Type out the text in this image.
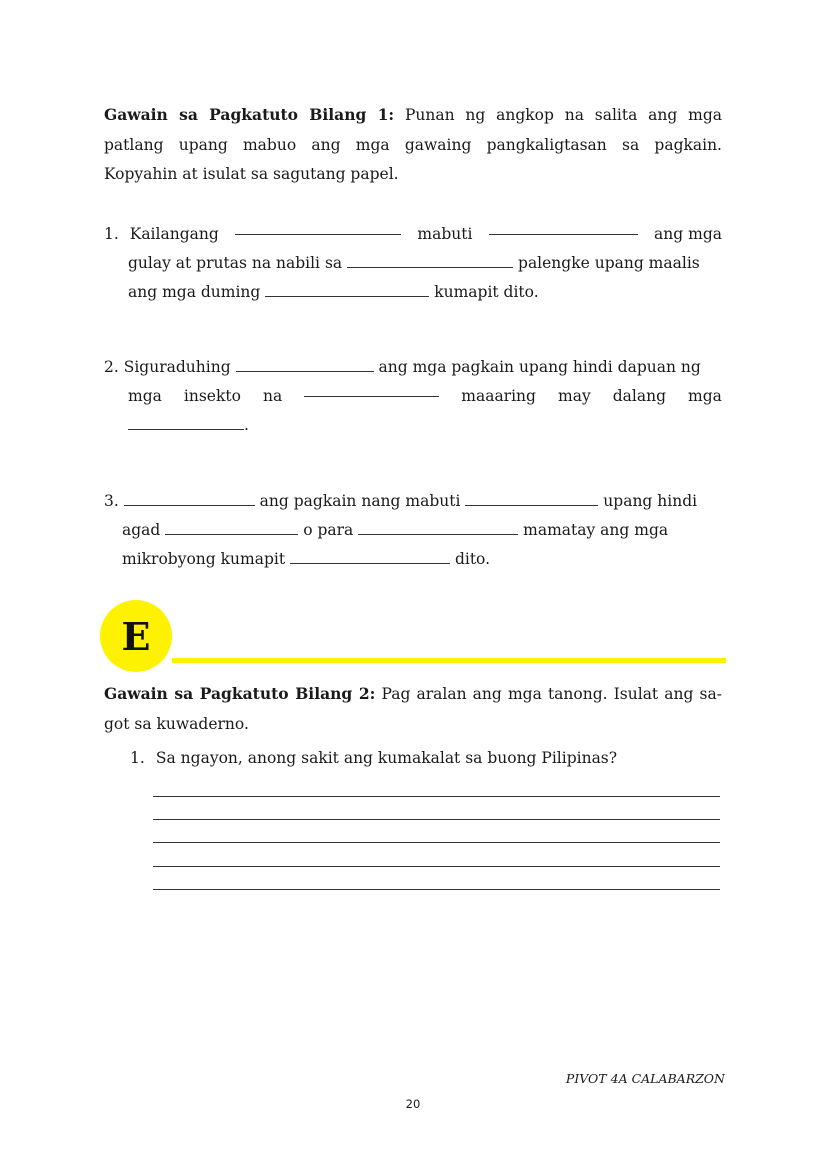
Gawain sa Pagkatuto Bilang 1: Punan ng angkop na salita ang mga

patlang upang mabuo ang mga gawaing pangkaligtasan sa pagkain.

Kopyahin at isulat sa sagutang papel.

1. Kailangang	mabuti	ang mga
gulay at prutas na nabili sa	palengke upang maalis
ang mga duming	kumapit dito.
2. Siguraduhing	ang mga pagkain upang hindi dapuan ng
mga insekto na	maaaring may dalang mga
.
3.	ang pagkain nang mabuti	upang hindi
agad	o para	mamatay ang mga
mikrobyong kumapit	dito.
E

Gawain sa Pagkatuto Bilang 2: Pag aralan ang mga tanong. Isulat ang sa-

got sa kuwaderno.

1. Sa ngayon, anong sakit ang kumakalat sa buong Pilipinas?
PIVOT 4A CALABARZON
20
